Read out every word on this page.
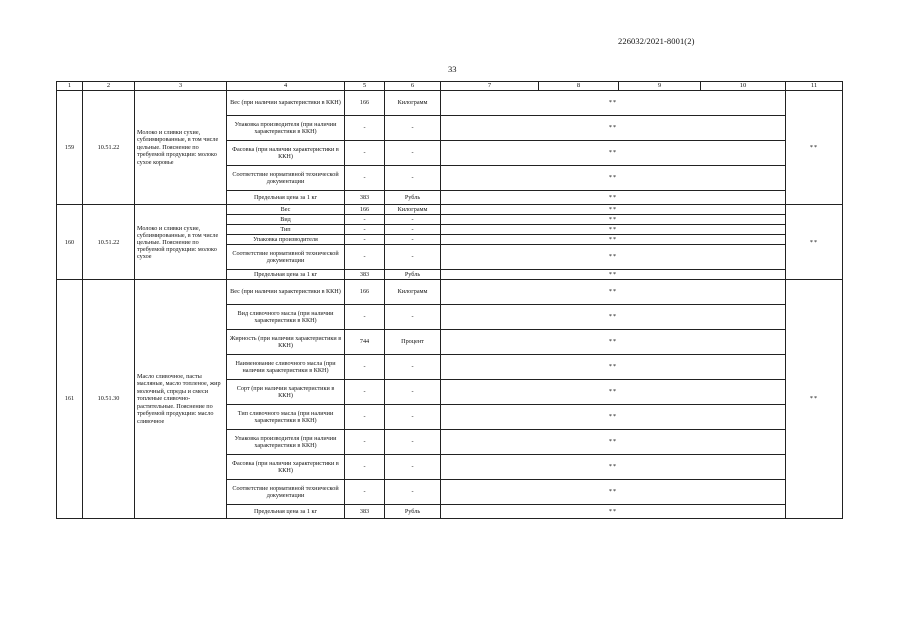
226032/2021-8001(2)
33
1	2	3	4	5	6	7	8	9	10	11
159	10.51.22	Молоко и сливки сухие, сублимированные, в том числе цельные. Пояснение по требуемой продукции: молоко сухое коровье	Вес (при наличии характеристики в ККН)	166	Килограмм	**				**
			Упаковка производителя (при наличии характеристики в ККН)	-	-	**				
			Фасовка (при наличии характеристики в ККН)	-	-	**				
			Соответствие нормативной технической документации	-	-	**				
			Предельная цена за 1 кг	383	Рубль	**				
160	10.51.22	Молоко и сливки сухие, сублимированные, в том числе цельные. Пояснение по требуемой продукции: молоко сухое	Вес	166	Килограмм	**				**
			Вид	-	-	**				
			Тип	-	-	**				
			Упаковка производителя	-	-	**				
			Соответствие нормативной технической документации	-	-	**				
			Предельная цена за 1 кг	383	Рубль	**				
161	10.51.30	Масло сливочное, пасты масляные, масло топленое, жир молочный, спреды и смеси топленые сливочно-растительные. Пояснение по требуемой продукции: масло сливочное	Вес (при наличии характеристики в ККН)	166	Килограмм	**				**
			Вид сливочного масла (при наличии характеристики в ККН)	-	-	**				
			Жирность (при наличии характеристики в ККН)	744	Процент	**				
			Наименование сливочного масла (при наличии характеристики в ККН)	-	-	**				
			Сорт (при наличии характеристики в ККН)	-	-	**				
			Тип сливочного масла (при наличии характеристики в ККН)	-	-	**				
			Упаковка производителя (при наличии характеристики в ККН)	-	-	**				
			Фасовка (при наличии характеристики в ККН)	-	-	**				
			Соответствие нормативной технической документации	-	-	**				
			Предельная цена за 1 кг	383	Рубль	**				
